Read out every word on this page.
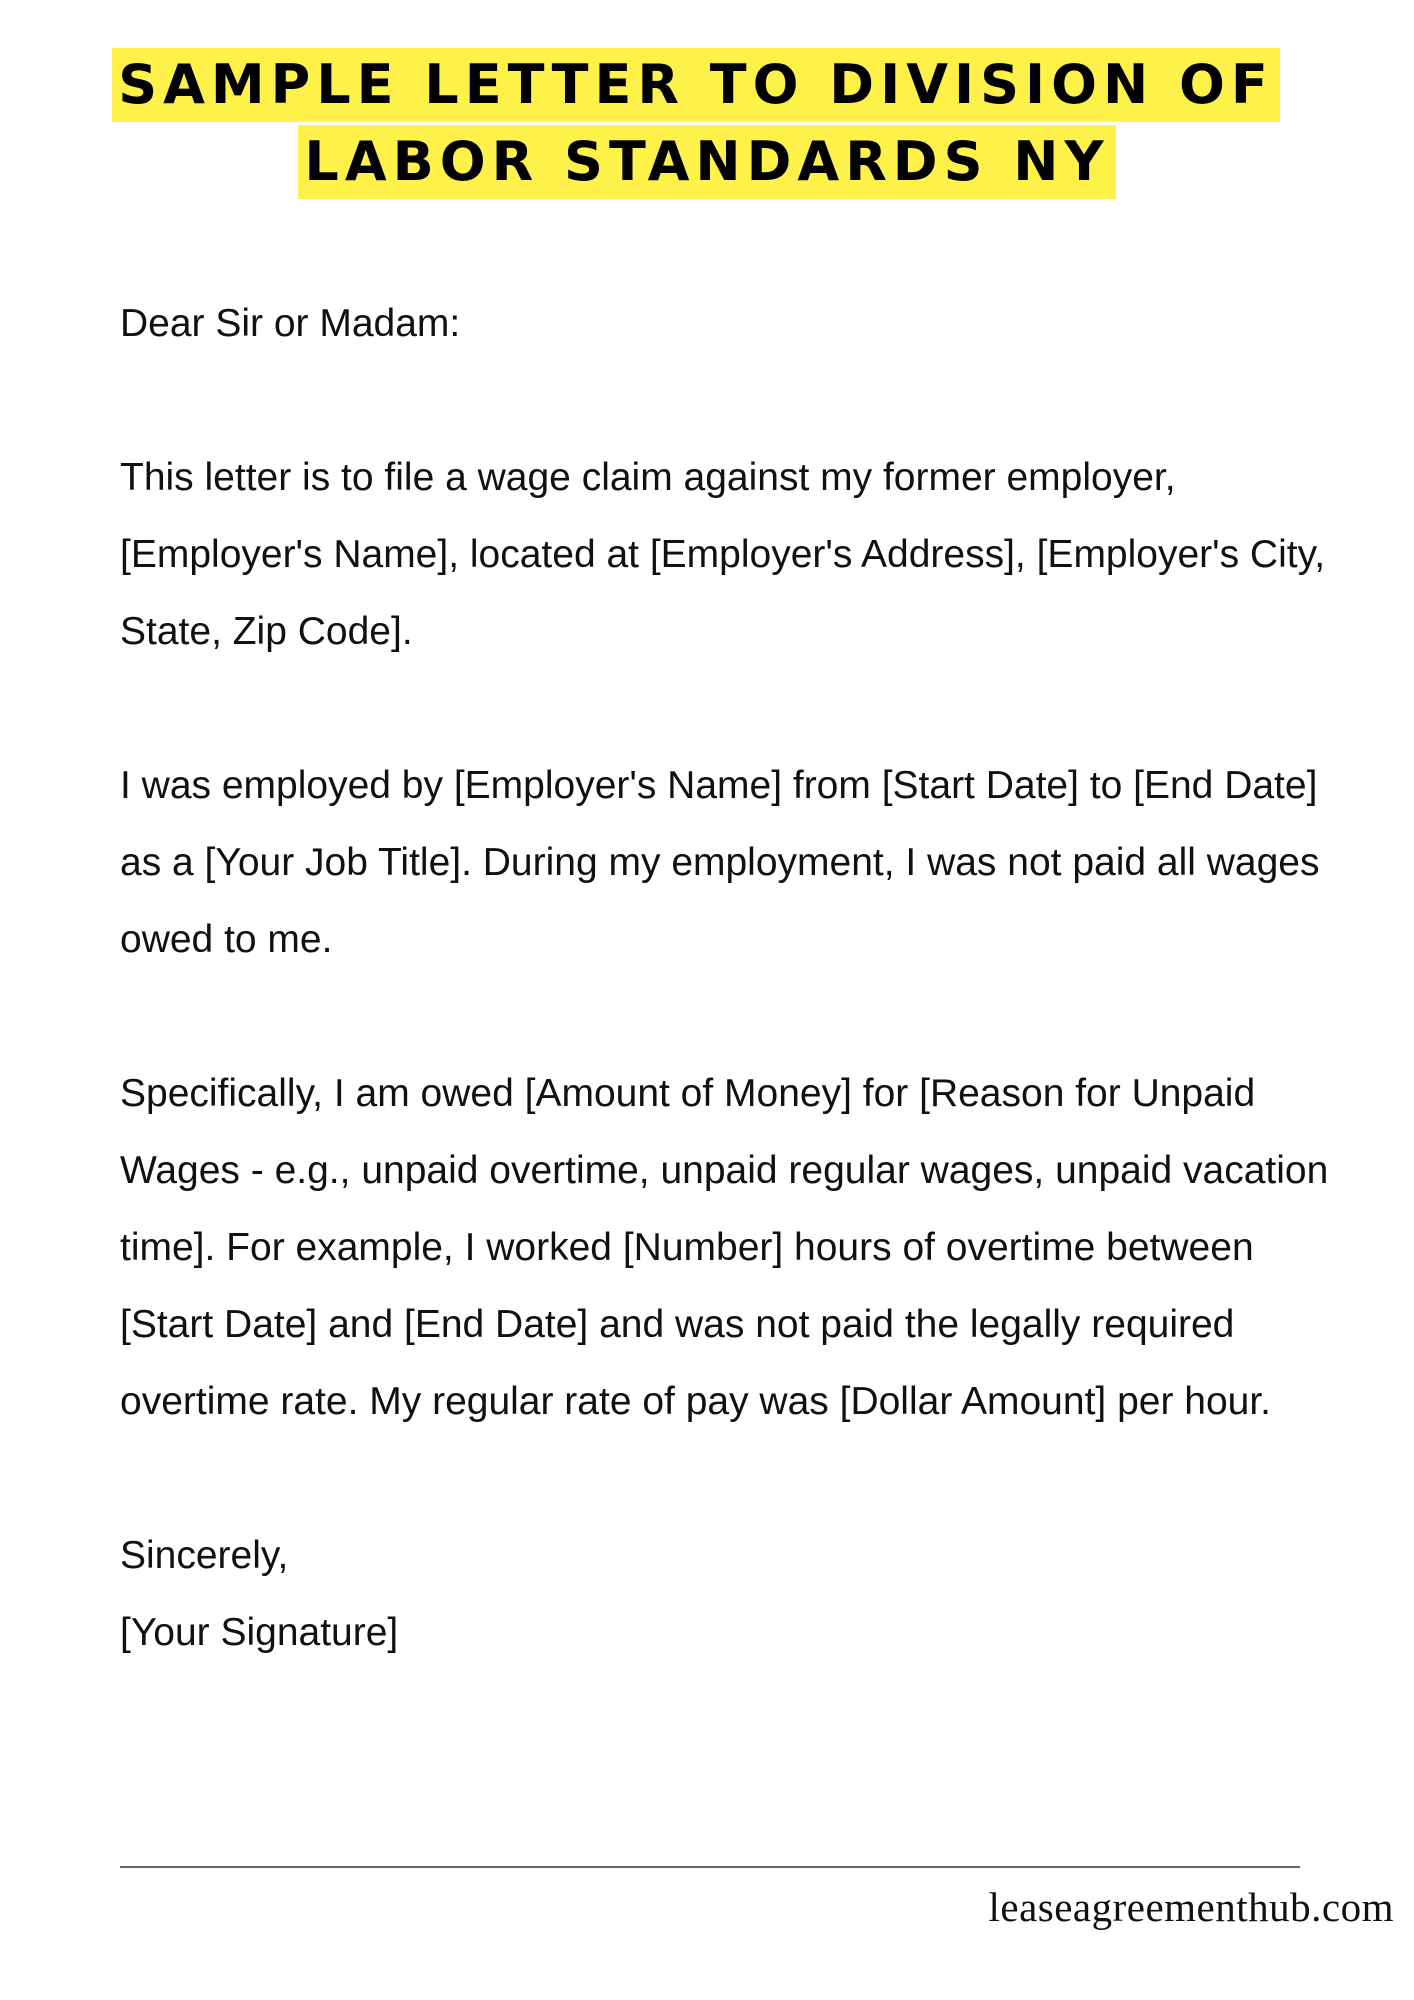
SAMPLE LETTER TO DIVISION OF
LABOR STANDARDS NY

Dear Sir or Madam:

This letter is to file a wage claim against my former employer, [Employer's Name], located at [Employer's Address], [Employer's City, State, Zip Code].

I was employed by [Employer's Name] from [Start Date] to [End Date] as a [Your Job Title]. During my employment, I was not paid all wages owed to me.

Specifically, I am owed [Amount of Money] for [Reason for Unpaid Wages - e.g., unpaid overtime, unpaid regular wages, unpaid vacation time]. For example, I worked [Number] hours of overtime between [Start Date] and [End Date] and was not paid the legally required overtime rate. My regular rate of pay was [Dollar Amount] per hour.

Sincerely,

[Your Signature]

leaseagreementhub.com
